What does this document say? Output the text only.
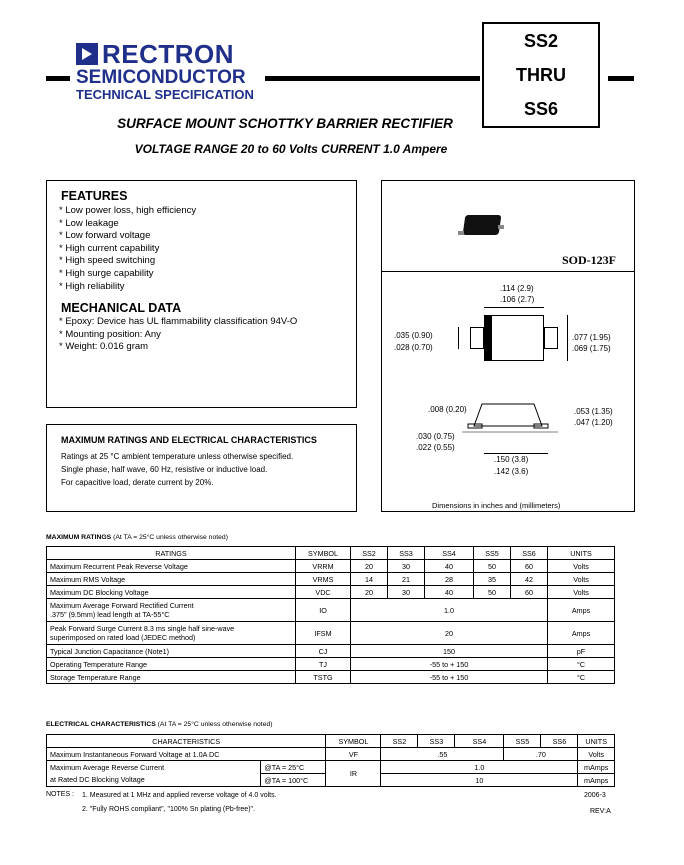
RECTRON
SEMICONDUCTOR
TECHNICAL SPECIFICATION
SS2
THRU
SS6
SURFACE MOUNT SCHOTTKY BARRIER RECTIFIER
VOLTAGE RANGE 20 to 60 Volts CURRENT 1.0 Ampere
FEATURES
* Low power loss, high efficiency
* Low leakage
* Low forward voltage
* High current capability
* High speed switching
* High surge capability
* High reliability
MECHANICAL DATA
* Epoxy: Device has UL flammability classification 94V-O
* Mounting position: Any
* Weight: 0.016 gram
MAXIMUM RATINGS AND ELECTRICAL CHARACTERISTICS
Ratings at 25 °C ambient temperature unless otherwise specified.
Single phase, half wave, 60 Hz, resistive or inductive load.
For capacitive load, derate current by 20%.
SOD-123F
.114 (2.9)
.106 (2.7)
.035 (0.90)
.028 (0.70)
.077 (1.95)
.069 (1.75)
.008 (0.20)
.030 (0.75)
.022 (0.55)
.053 (1.35)
.047 (1.20)
.150 (3.8)
.142 (3.6)
Dimensions in inches and (millimeters)
MAXIMUM RATINGS (At TA = 25°C unless otherwise noted)
RATINGS	SYMBOL	SS2	SS3	SS4	SS5	SS6	UNITS
Maximum Recurrent Peak Reverse Voltage	VRRM	20	30	40	50	60	Volts
Maximum RMS Voltage	VRMS	14	21	28	35	42	Volts
Maximum DC Blocking Voltage	VDC	20	30	40	50	60	Volts

Maximum Average Forward Rectified Current
.375" (9.5mm) lead length at TA-55°C	IO	1.0					Amps

Peak Forward Surge Current 8.3 ms single half sine-wave
superimposed on rated load (JEDEC method)	IFSM	20					Amps
Typical Junction Capacitance (Note1)	CJ	150					pF
Operating Temperature Range	TJ	-55 to + 150					°C
Storage Temperature Range	TSTG	-55 to + 150					°C
ELECTRICAL CHARACTERISTICS (At TA = 25°C unless otherwise noted)
CHARACTERISTICS		SYMBOL	SS2	SS3	SS4	SS5	SS6	UNITS
Maximum Instantaneous Forward Voltage at 1.0A DC		VF	.55			.70		Volts
Maximum Average Reverse Current	@TA = 25°C	IR	1.0					mAmps
at Rated DC Blocking Voltage	@TA = 100°C		10					mAmps
NOTES : 1. Measured at 1 MHz and applied reverse voltage of 4.0 volts.
2. "Fully ROHS compliant", "100% Sn plating (Pb-free)".
2006-3
REV:A
